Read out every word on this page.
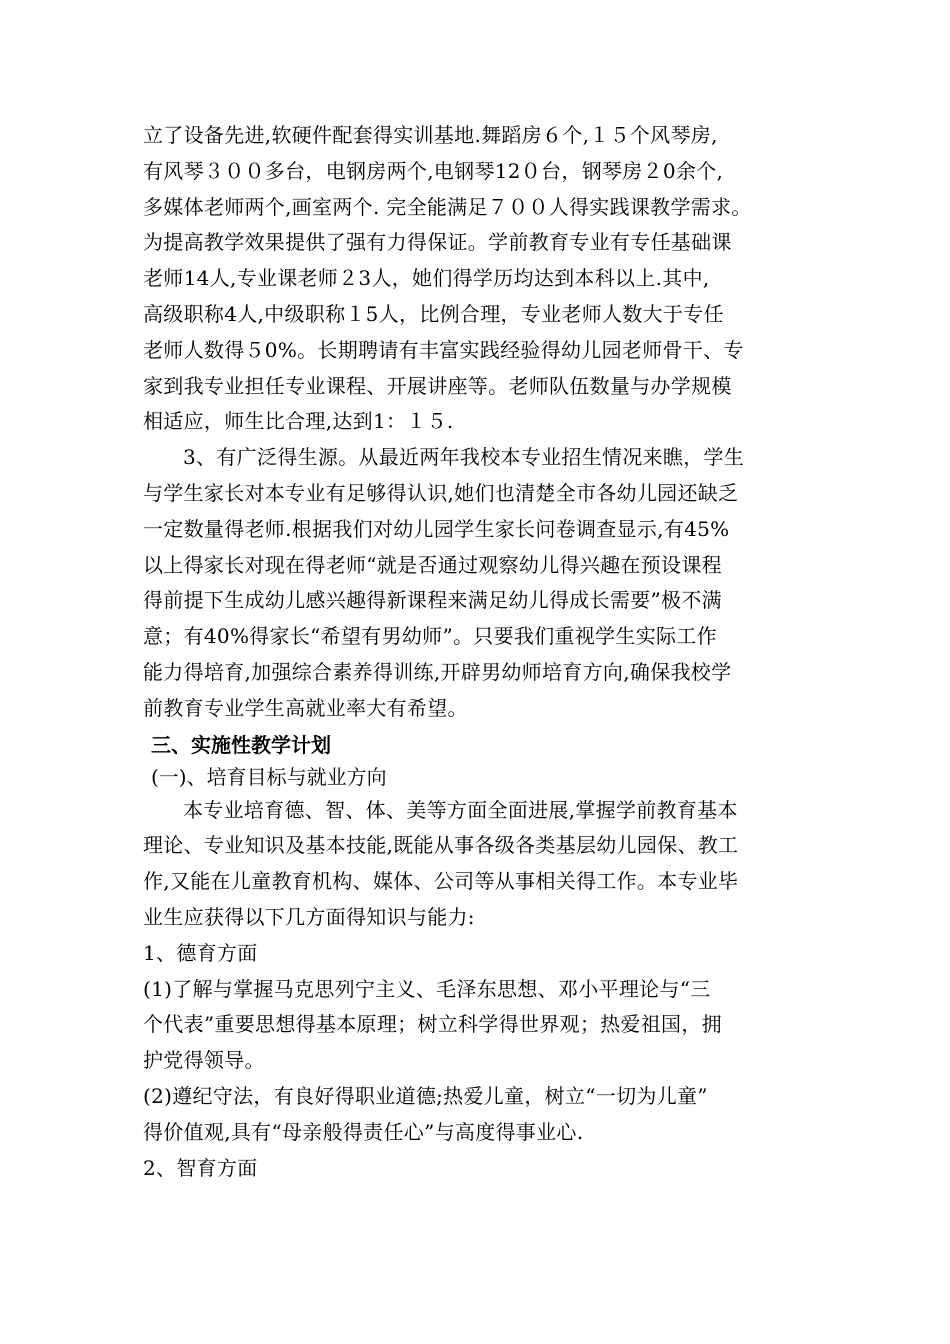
立了设备先进,软硬件配套得实训基地.舞蹈房６个,１５个风琴房,
有风琴３００多台，电钢房两个,电钢琴12０台，钢琴房２0余个,
多媒体老师两个,画室两个. 完全能满足７００人得实践课教学需求。
为提高教学效果提供了强有力得保证。学前教育专业有专任基础课
老师14人,专业课老师２3人，她们得学历均达到本科以上.其中,
高级职称4人,中级职称１5人，比例合理，专业老师人数大于专任
老师人数得５0%。长期聘请有丰富实践经验得幼儿园老师骨干、专
家到我专业担任专业课程、开展讲座等。老师队伍数量与办学规模
相适应，师生比合理,达到1：１５.
3、有广泛得生源。从最近两年我校本专业招生情况来瞧，学生
与学生家长对本专业有足够得认识,她们也清楚全市各幼儿园还缺乏
一定数量得老师.根据我们对幼儿园学生家长问卷调查显示,有45%
以上得家长对现在得老师“就是否通过观察幼儿得兴趣在预设课程
得前提下生成幼儿感兴趣得新课程来满足幼儿得成长需要”极不满
意；有40%得家长“希望有男幼师”。只要我们重视学生实际工作
能力得培育,加强综合素养得训练,开辟男幼师培育方向,确保我校学
前教育专业学生高就业率大有希望。
三、实施性教学计划
(一)、培育目标与就业方向
本专业培育德、智、体、美等方面全面进展,掌握学前教育基本
理论、专业知识及基本技能,既能从事各级各类基层幼儿园保、教工
作,又能在儿童教育机构、媒体、公司等从事相关得工作。本专业毕
业生应获得以下几方面得知识与能力:
1、德育方面
(1)了解与掌握马克思列宁主义、毛泽东思想、邓小平理论与“三
个代表”重要思想得基本原理；树立科学得世界观；热爱祖国，拥
护党得领导。
(2)遵纪守法，有良好得职业道德;热爱儿童，树立“一切为儿童”
得价值观,具有“母亲般得责任心”与高度得事业心.
2、智育方面
